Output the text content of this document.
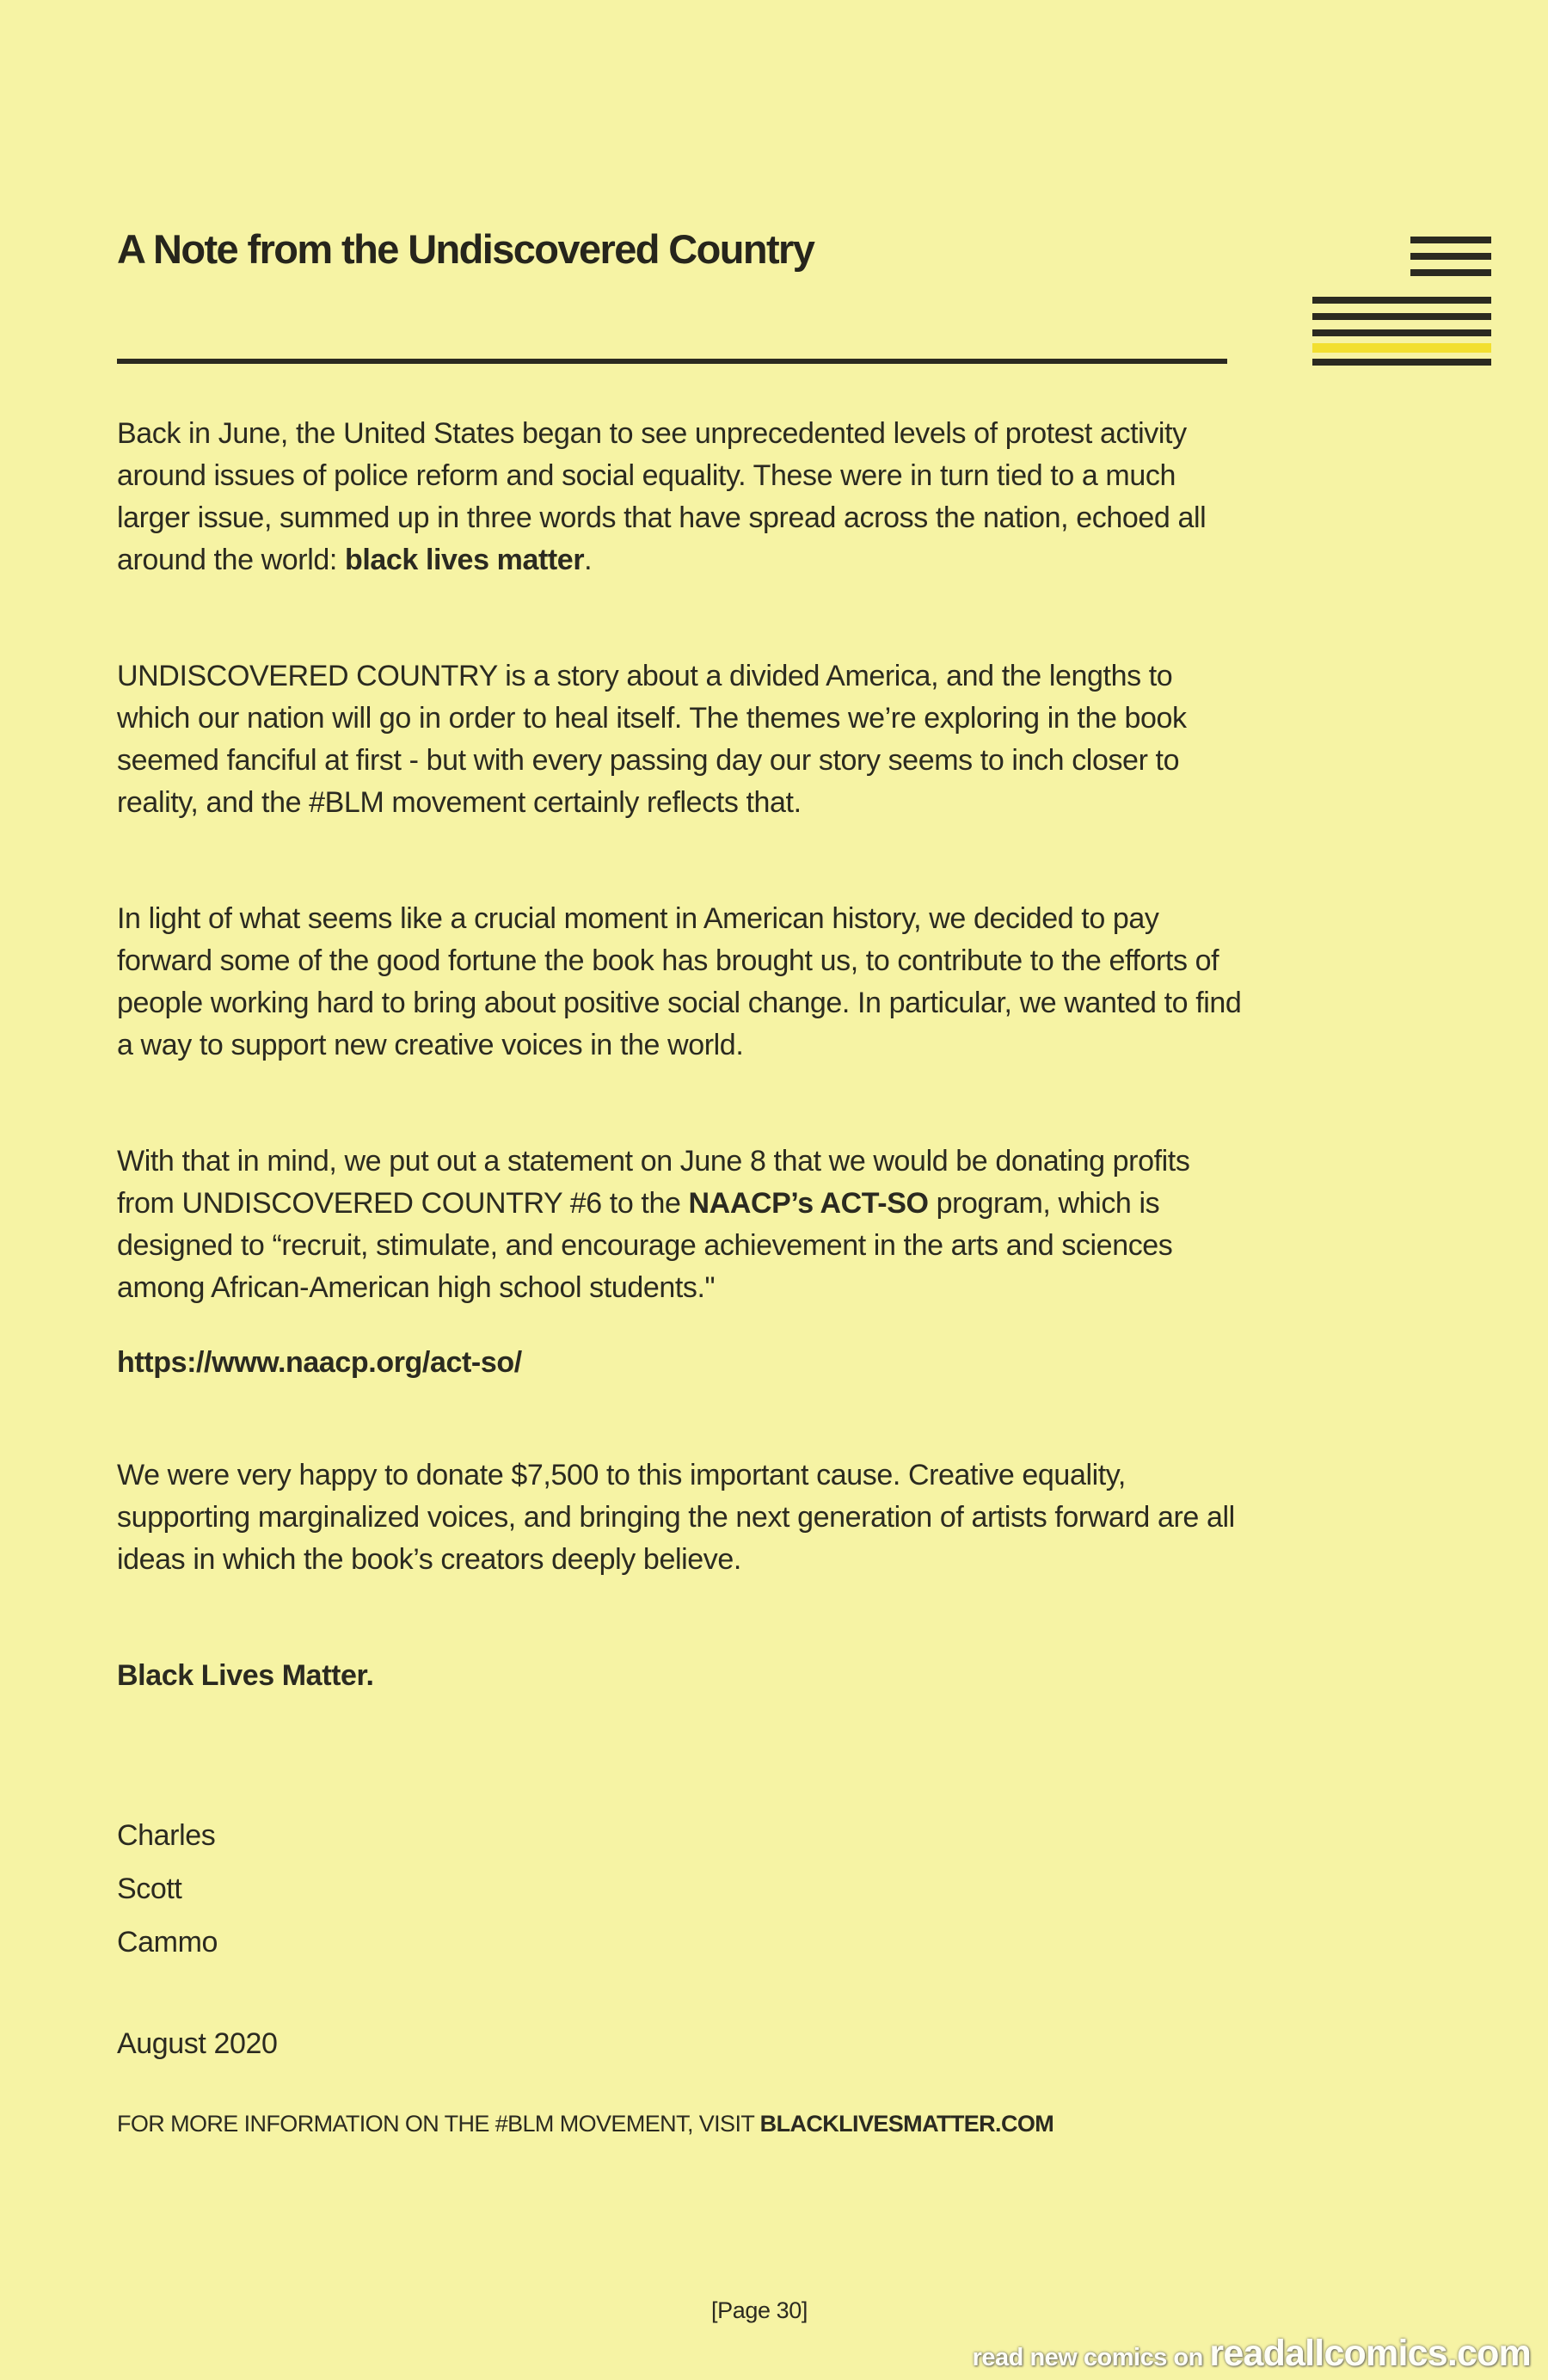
A Note from the Undiscovered Country

Back in June, the United States began to see unprecedented levels of protest activity around issues of police reform and social equality. These were in turn tied to a much larger issue, summed up in three words that have spread across the nation, echoed all around the world: black lives matter.

UNDISCOVERED COUNTRY is a story about a divided America, and the lengths to which our nation will go in order to heal itself. The themes we’re exploring in the book seemed fanciful at first - but with every passing day our story seems to inch closer to reality, and the #BLM movement certainly reflects that.

In light of what seems like a crucial moment in American history, we decided to pay forward some of the good fortune the book has brought us, to contribute to the efforts of people working hard to bring about positive social change. In particular, we wanted to find a way to support new creative voices in the world.

With that in mind, we put out a statement on June 8 that we would be donating profits from UNDISCOVERED COUNTRY #6 to the NAACP’s ACT-SO program, which is designed to “recruit, stimulate, and encourage achievement in the arts and sciences among African-American high school students."

https://www.naacp.org/act-so/

We were very happy to donate $7,500 to this important cause. Creative equality, supporting marginalized voices, and bringing the next generation of artists forward are all ideas in which the book’s creators deeply believe.

Black Lives Matter.

Charles
Scott
Cammo

August 2020

FOR MORE INFORMATION ON THE #BLM MOVEMENT, VISIT BLACKLIVESMATTER.COM

[Page 30]
read new comics on readallcomics.com
